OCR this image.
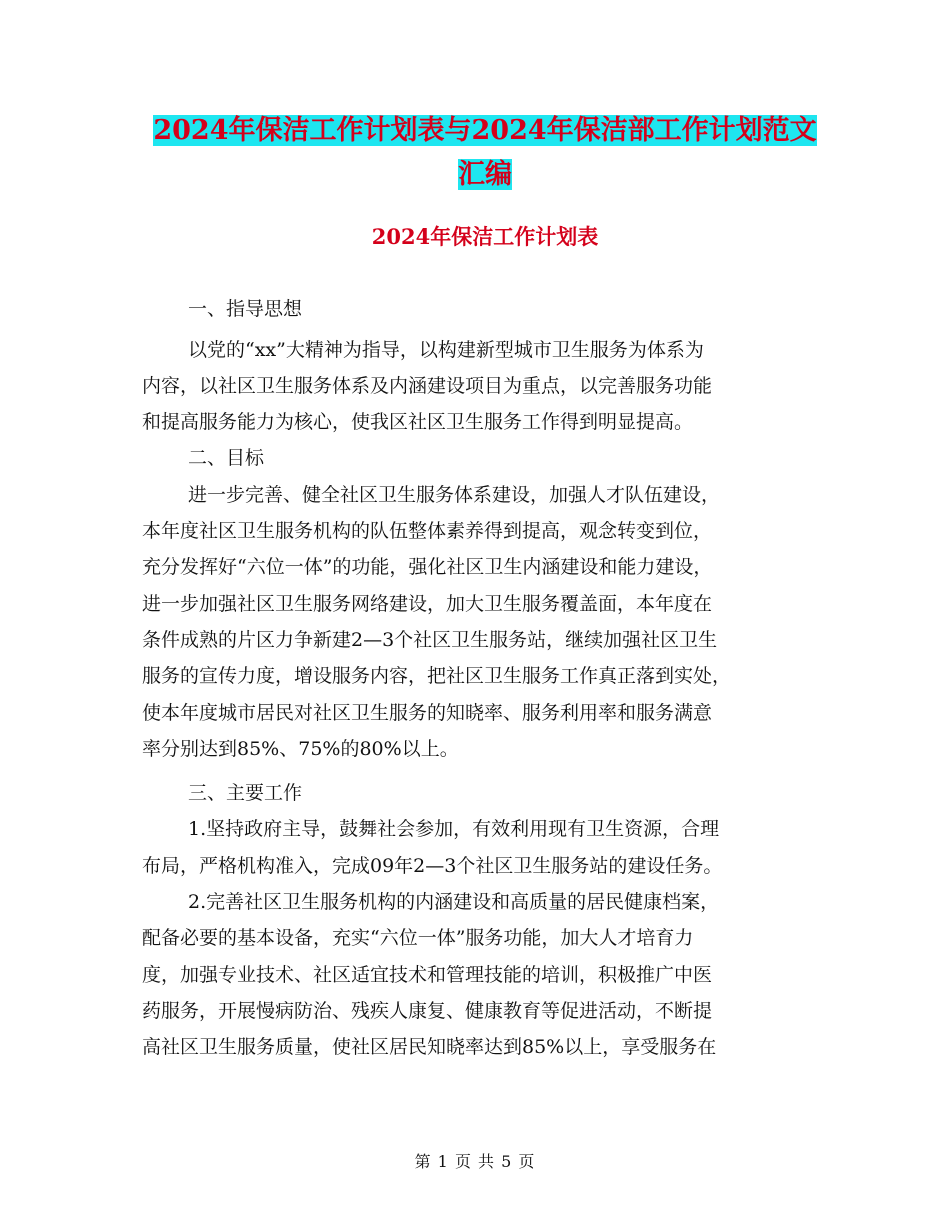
2024年保洁工作计划表与2024年保洁部工作计划范文
汇编
2024年保洁工作计划表
一、指导思想
以党的“xx”大精神为指导，以构建新型城市卫生服务为体系为
内容，以社区卫生服务体系及内涵建设项目为重点，以完善服务功能
和提高服务能力为核心，使我区社区卫生服务工作得到明显提高。
二、目标
进一步完善、健全社区卫生服务体系建设，加强人才队伍建设，
本年度社区卫生服务机构的队伍整体素养得到提高，观念转变到位，
充分发挥好“六位一体”的功能，强化社区卫生内涵建设和能力建设，
进一步加强社区卫生服务网络建设，加大卫生服务覆盖面，本年度在
条件成熟的片区力争新建2—3个社区卫生服务站，继续加强社区卫生
服务的宣传力度，增设服务内容，把社区卫生服务工作真正落到实处，
使本年度城市居民对社区卫生服务的知晓率、服务利用率和服务满意
率分别达到85%、75%的80%以上。
三、主要工作
1.坚持政府主导，鼓舞社会参加，有效利用现有卫生资源，合理
布局，严格机构准入，完成09年2—3个社区卫生服务站的建设任务。
2.完善社区卫生服务机构的内涵建设和高质量的居民健康档案，
配备必要的基本设备，充实“六位一体”服务功能，加大人才培育力
度，加强专业技术、社区适宜技术和管理技能的培训，积极推广中医
药服务，开展慢病防治、残疾人康复、健康教育等促进活动，不断提
高社区卫生服务质量，使社区居民知晓率达到85%以上，享受服务在
第 1 页 共 5 页
